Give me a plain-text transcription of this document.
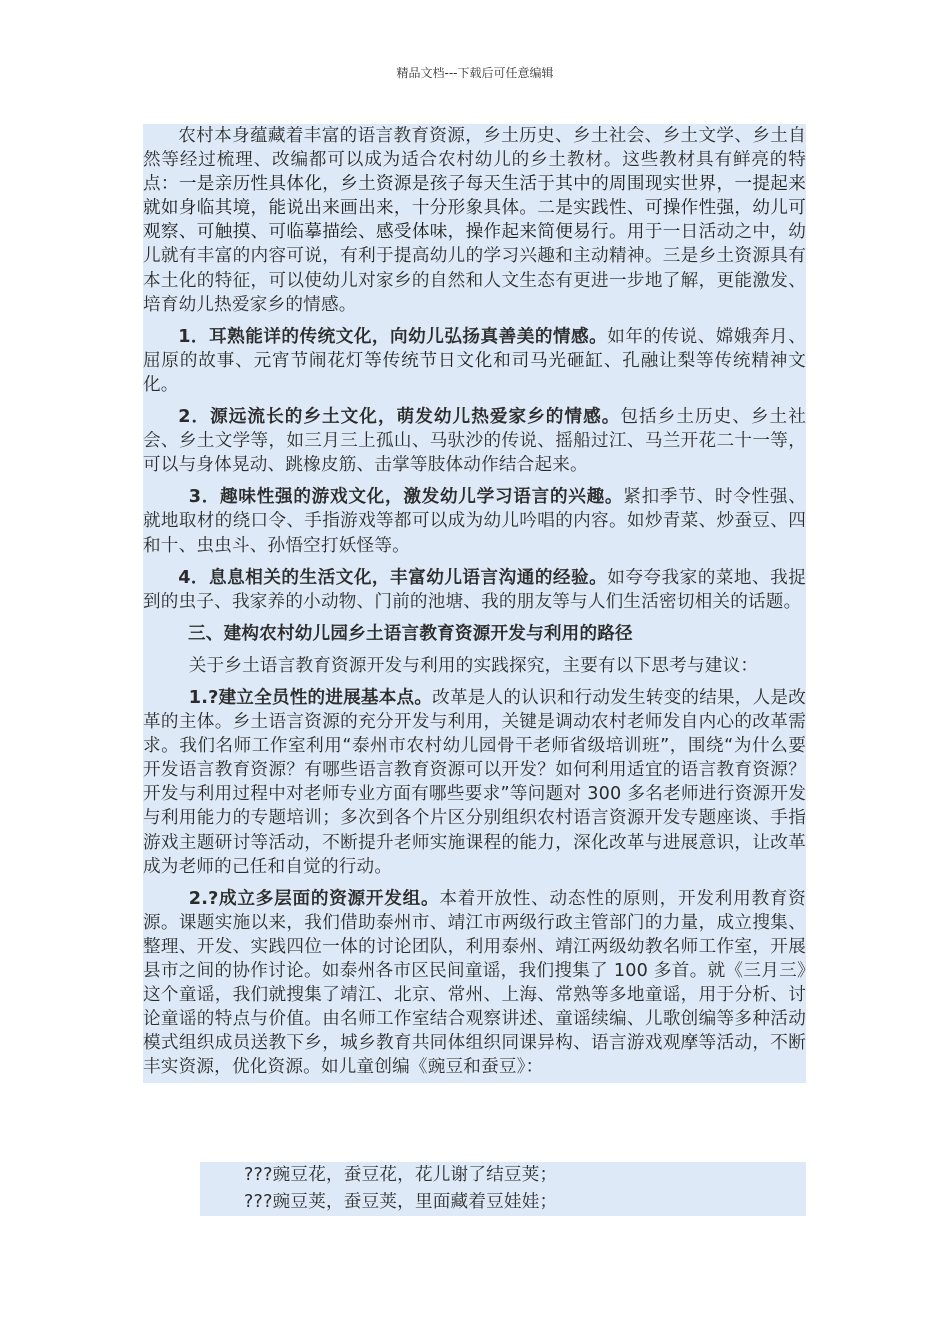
精品文档---下载后可任意编辑

农村本身蕴藏着丰富的语言教育资源，乡土历史、乡土社会、乡土文学、乡土自然等经过梳理、改编都可以成为适合农村幼儿的乡土教材。这些教材具有鲜亮的特点：一是亲历性具体化，乡土资源是孩子每天生活于其中的周围现实世界，一提起来就如身临其境，能说出来画出来，十分形象具体。二是实践性、可操作性强，幼儿可观察、可触摸、可临摹描绘、感受体味，操作起来简便易行。用于一日活动之中，幼儿就有丰富的内容可说，有利于提高幼儿的学习兴趣和主动精神。三是乡土资源具有本土化的特征，可以使幼儿对家乡的自然和人文生态有更进一步地了解，更能激发、培育幼儿热爱家乡的情感。

1．耳熟能详的传统文化，向幼儿弘扬真善美的情感。如年的传说、嫦娥奔月、屈原的故事、元宵节闹花灯等传统节日文化和司马光砸缸、孔融让梨等传统精神文化。

2．源远流长的乡土文化，萌发幼儿热爱家乡的情感。包括乡土历史、乡土社会、乡土文学等，如三月三上孤山、马驮沙的传说、摇船过江、马兰开花二十一等，可以与身体晃动、跳橡皮筋、击掌等肢体动作结合起来。

3．趣味性强的游戏文化，激发幼儿学习语言的兴趣。紧扣季节、时令性强、就地取材的绕口令、手指游戏等都可以成为幼儿吟唱的内容。如炒青菜、炒蚕豆、四和十、虫虫斗、孙悟空打妖怪等。

4．息息相关的生活文化，丰富幼儿语言沟通的经验。如夸夸我家的菜地、我捉到的虫子、我家养的小动物、门前的池塘、我的朋友等与人们生活密切相关的话题。

三、建构农村幼儿园乡土语言教育资源开发与利用的路径

关于乡土语言教育资源开发与利用的实践探究，主要有以下思考与建议：

1.?建立全员性的进展基本点。改革是人的认识和行动发生转变的结果，人是改革的主体。乡土语言资源的充分开发与利用，关键是调动农村老师发自内心的改革需求。我们名师工作室利用“泰州市农村幼儿园骨干老师省级培训班”，围绕“为什么要开发语言教育资源？有哪些语言教育资源可以开发？如何利用适宜的语言教育资源？开发与利用过程中对老师专业方面有哪些要求”等问题对 300 多名老师进行资源开发与利用能力的专题培训；多次到各个片区分别组织农村语言资源开发专题座谈、手指游戏主题研讨等活动，不断提升老师实施课程的能力，深化改革与进展意识，让改革成为老师的己任和自觉的行动。

2.?成立多层面的资源开发组。本着开放性、动态性的原则，开发利用教育资源。课题实施以来，我们借助泰州市、靖江市两级行政主管部门的力量，成立搜集、整理、开发、实践四位一体的讨论团队，利用泰州、靖江两级幼教名师工作室，开展县市之间的协作讨论。如泰州各市区民间童谣，我们搜集了 100 多首。就《三月三》这个童谣，我们就搜集了靖江、北京、常州、上海、常熟等多地童谣，用于分析、讨论童谣的特点与价值。由名师工作室结合观察讲述、童谣续编、儿歌创编等多种活动模式组织成员送教下乡，城乡教育共同体组织同课异构、语言游戏观摩等活动，不断丰实资源，优化资源。如儿童创编《豌豆和蚕豆》：

???豌豆花，蚕豆花，花儿谢了结豆荚；

???豌豆荚，蚕豆荚，里面藏着豆娃娃；
